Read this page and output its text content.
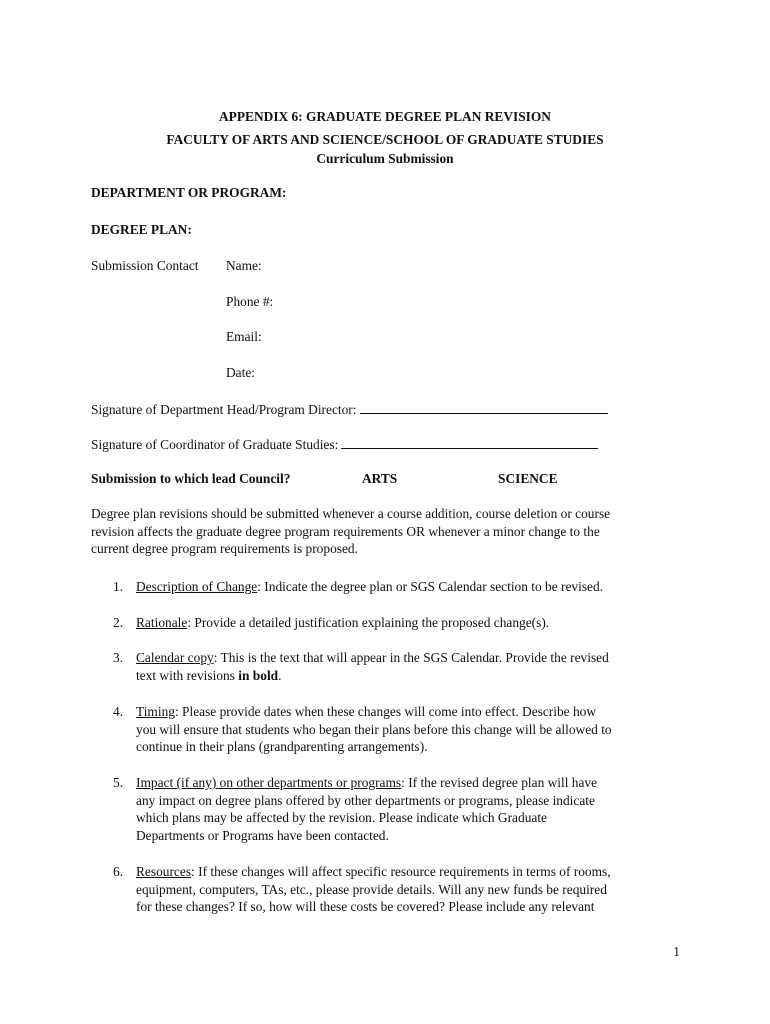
APPENDIX 6: GRADUATE DEGREE PLAN REVISION
FACULTY OF ARTS AND SCIENCE/SCHOOL OF GRADUATE STUDIES
Curriculum Submission
DEPARTMENT OR PROGRAM:
DEGREE PLAN:
Submission Contact Name:
Phone #:
Email:
Date:
Signature of Department Head/Program Director:
Signature of Coordinator of Graduate Studies:
Submission to which lead Council?	ARTS	SCIENCE

Degree plan revisions should be submitted whenever a course addition, course deletion or course

revision affects the graduate degree program requirements OR whenever a minor change to the

current degree program requirements is proposed.

1. Description of Change: Indicate the degree plan or SGS Calendar section to be revised.

2. Rationale: Provide a detailed justification explaining the proposed change(s).

3. Calendar copy: This is the text that will appear in the SGS Calendar. Provide the revised

text with revisions in bold.

4. Timing: Please provide dates when these changes will come into effect. Describe how

you will ensure that students who began their plans before this change will be allowed to

continue in their plans (grandparenting arrangements).

5. Impact (if any) on other departments or programs: If the revised degree plan will have

any impact on degree plans offered by other departments or programs, please indicate

which plans may be affected by the revision. Please indicate which Graduate

Departments or Programs have been contacted.

6. Resources: If these changes will affect specific resource requirements in terms of rooms,

equipment, computers, TAs, etc., please provide details. Will any new funds be required

for these changes? If so, how will these costs be covered? Please include any relevant

1
